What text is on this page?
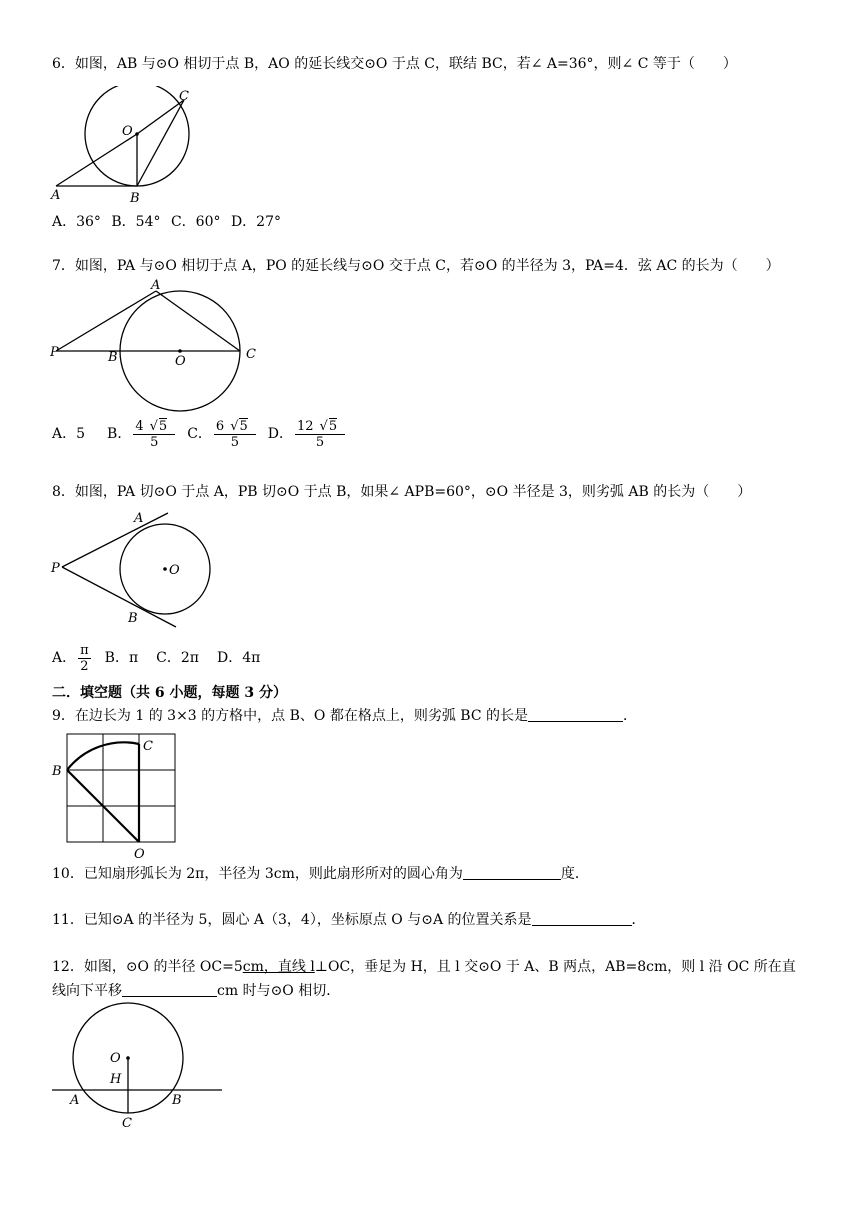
6．如图，AB 与⊙O 相切于点 B，AO 的延长线交⊙O 于点 C，联结 BC，若∠ A=36°，则∠ C 等于（　　）
O
A	B
C
A．36° B．54° C．60° D．27°
7．如图，PA 与⊙O 相切于点 A，PO 的延长线与⊙O 交于点 C，若⊙O 的半径为 3，PA=4．弦 AC 的长为（　　）
A
P	B	O	C
A．5 B． $\frac{4 √5}{5}$ C． $\frac{6 √5}{5}$ D． $\frac{12 √5}{5}$
8．如图，PA 切⊙O 于点 A，PB 切⊙O 于点 B，如果∠ APB=60°，⊙O 半径是 3，则劣弧 AB 的长为（　　）
A
P	O
B
A． $\frac{\pi}{2}$ B．π C．2π D．4π
二．填空题（共 6 小题，每题 3 分）
9．在边长为 1 的 3×3 的方格中，点 B、O 都在格点上，则劣弧 BC 的长是	．
B
C
O
10．已知扇形弧长为 2π，半径为 3cm，则此扇形所对的圆心角为	度．
11．已知⊙A 的半径为 5，圆心 A（3，4），坐标原点 O 与⊙A 的位置关系是	．
12．如图，⊙O 的半径 OC=5cm，直线 l⊥OC，垂足为 H，且 l 交⊙O 于 A、B 两点，AB=8cm，则 l 沿 OC 所在直
线向下平移	cm 时与⊙O 相切．
O
H
A	B
C
